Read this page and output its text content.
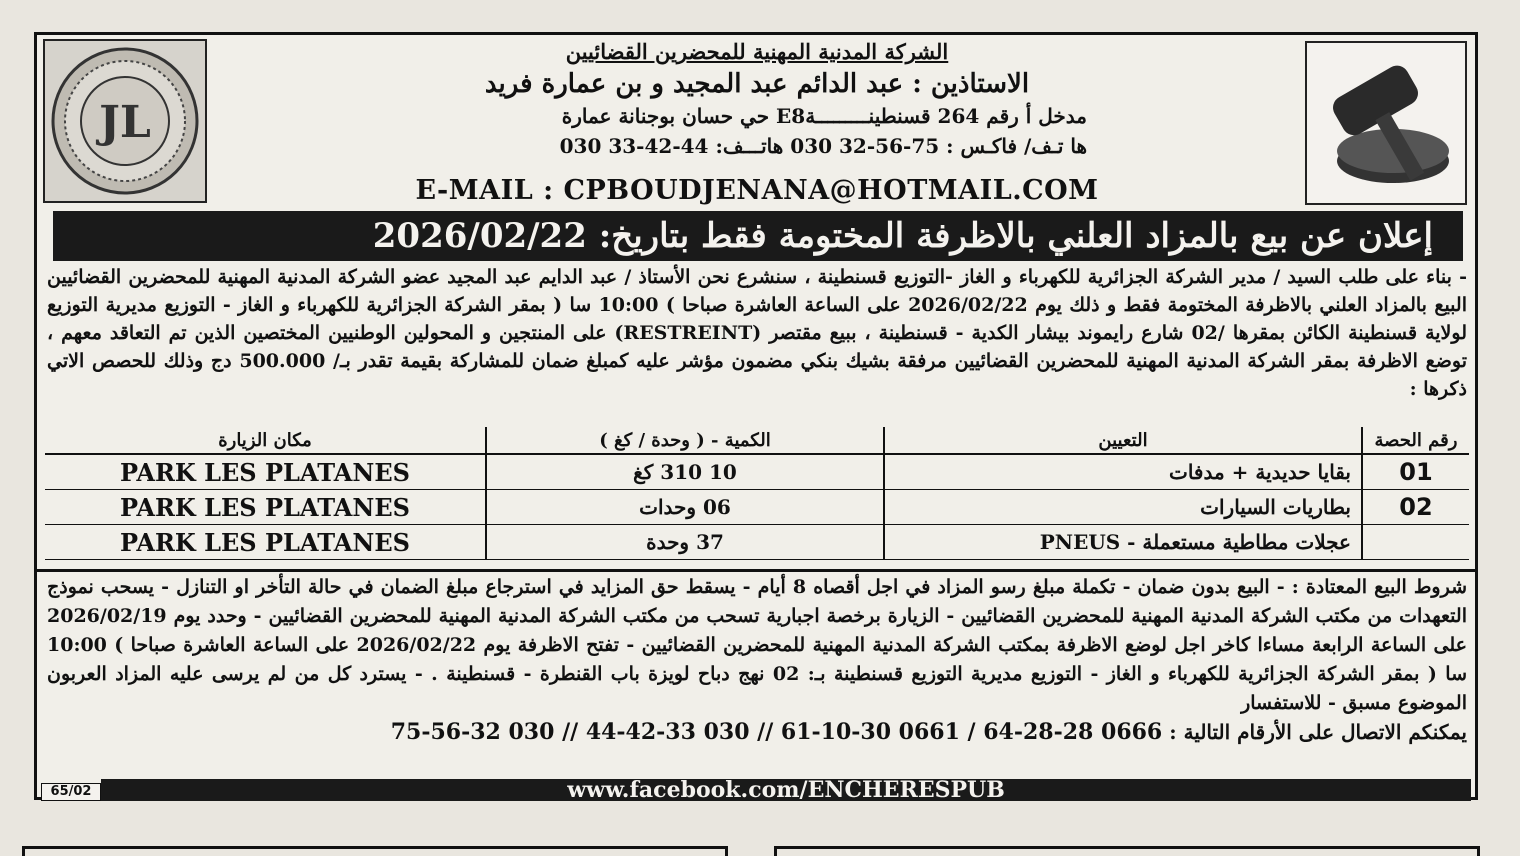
JL
الشركة المدنية المهنية للمحضرين القضائيين
الاستاذين : عبد الدائم عبد المجيد و بن عمارة فريد
مدخل أ رقم 264 قسنطينـــــــــةE8 حي حسان بوجنانة عمارة
ها تـف/ فاكـس : 75-56-32 030 هاتـــف: 44-42-33 030
E-MAIL : CPBOUDJENANA@HOTMAIL.COM
إعلان عن بيع بالمزاد العلني بالاظرفة المختومة فقط بتاريخ: 2026/02/22

- بناء على طلب السيد / مدير الشركة الجزائرية للكهرباء و الغاز -التوزيع قسنطينة ، سنشرع نحن الأستاذ / عبد الدايم عبد المجيد عضو الشركة المدنية المهنية للمحضرين القضائيين البيع بالمزاد العلني بالاظرفة المختومة فقط و ذلك يوم 2026/02/22 على الساعة العاشرة صباحا ) 10:00 سا ( بمقر الشركة الجزائرية للكهرباء و الغاز - التوزيع مديرية التوزيع لولاية قسنطينة الكائن بمقرها /02 شارع رايموند بيشار الكدية - قسنطينة ، ببيع مقتصر (RESTREINT) على المنتجين و المحولين الوطنيين المختصين الذين تم التعاقد معهم ، توضع الاظرفة بمقر الشركة المدنية المهنية للمحضرين القضائيين مرفقة بشيك بنكي مضمون مؤشر عليه كمبلغ ضمان للمشاركة بقيمة تقدر بـ/ 500.000 دج وذلك للحصص الاتي ذكرها :

رقم الحصة	التعيين	الكمية - ( وحدة / كغ )	مكان الزيارة
01	بقايا حديدية + مدفات	10 310 كغ	PARK LES PLATANES
02	بطاريات السيارات	06 وحدات	PARK LES PLATANES
	عجلات مطاطية مستعملة - PNEUS	37 وحدة	PARK LES PLATANES

شروط البيع المعتادة : - البيع بدون ضمان - تكملة مبلغ رسو المزاد في اجل أقصاه 8 أيام - يسقط حق المزايد في استرجاع مبلغ الضمان في حالة التأخر او التنازل - يسحب نموذج التعهدات من مكتب الشركة المدنية المهنية للمحضرين القضائيين - الزيارة برخصة اجبارية تسحب من مكتب الشركة المدنية المهنية للمحضرين القضائيين - وحدد يوم 2026/02/19 على الساعة الرابعة مساءا كاخر اجل لوضع الاظرفة بمكتب الشركة المدنية المهنية للمحضرين القضائيين - تفتح الاظرفة يوم 2026/02/22 على الساعة العاشرة صباحا ) 10:00 سا ( بمقر الشركة الجزائرية للكهرباء و الغاز - التوزيع مديرية التوزيع قسنطينة بـ: 02 نهج دباح لويزة باب القنطرة - قسنطينة . - يسترد كل من لم يرسى عليه المزاد العربون الموضوع مسبق - للاستفسار

يمكنكم الاتصال على الأرقام التالية : 75-56-32 030 // 44-42-33 030 // 61-10-30 0661 / 64-28-28 0666

65/02	www.facebook.com/ENCHERESPUB
